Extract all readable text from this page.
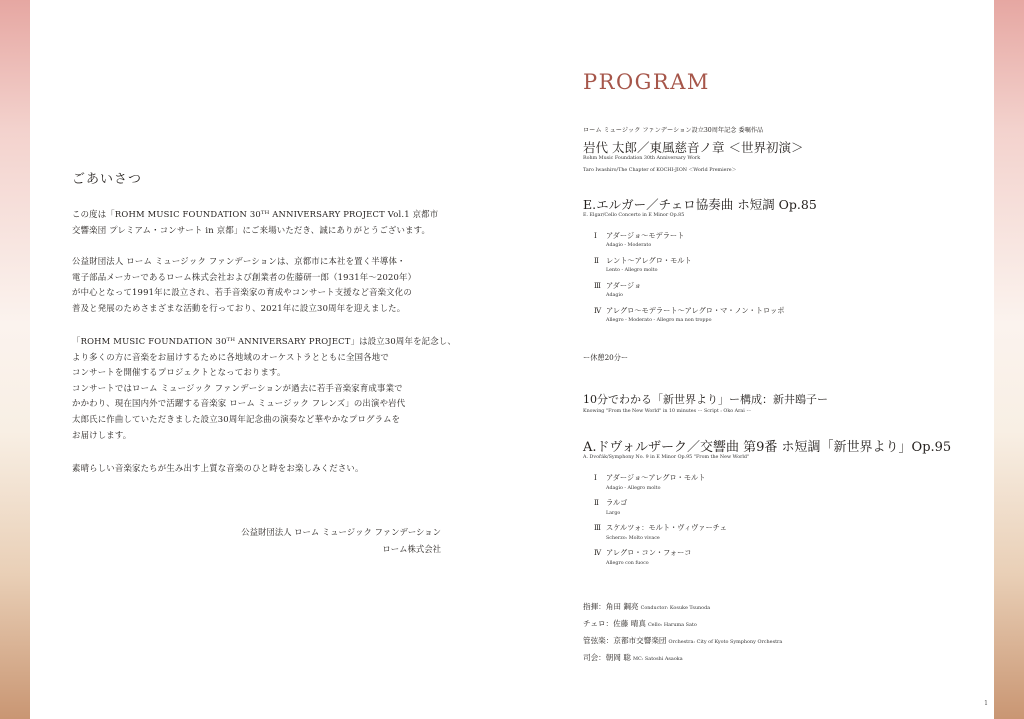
ごあいさつ
この度は「ROHM MUSIC FOUNDATION 30ᵀᴴ ANNIVERSARY PROJECT Vol.1 京都市
交響楽団 プレミアム・コンサート in 京都」にご来場いただき、誠にありがとうございます。
公益財団法人 ローム ミュージック ファンデーションは、京都市に本社を置く半導体・
電子部品メーカーであるローム株式会社および創業者の佐藤研一郎（1931年〜2020年）
が中心となって1991年に設立され、若手音楽家の育成やコンサート支援など音楽文化の
普及と発展のためさまざまな活動を行っており、2021年に設立30周年を迎えました。
「ROHM MUSIC FOUNDATION 30ᵀᴴ ANNIVERSARY PROJECT」は設立30周年を記念し、
より多くの方に音楽をお届けするために各地域のオーケストラとともに全国各地で
コンサートを開催するプロジェクトとなっております。
コンサートではローム ミュージック ファンデーションが過去に若手音楽家育成事業で
かかわり、現在国内外で活躍する音楽家 ローム ミュージック フレンズ」の出演や岩代
太郎氏に作曲していただきました設立30周年記念曲の演奏など華やかなプログラムを
お届けします。
素晴らしい音楽家たちが生み出す上質な音楽のひと時をお楽しみください。
公益財団法人 ローム ミュージック ファンデーション
ローム株式会社
PROGRAM
ローム ミュージック ファンデーション設立30周年記念 委嘱作品
岩代 太郎／東風慈音ノ章 ＜世界初演＞
Rohm Music Foundation 30th Anniversary Work
Taro Iwashiro/The Chapter of KOCHI-JION ＜World Premiere＞
E.エルガー／チェロ協奏曲 ホ短調 Op.85
E. Elgar/Cello Concerto in E Minor Op.85
Ⅰ アダージョ〜モデラート
Adagio - Moderato
Ⅱ レント〜アレグロ・モルト
Lento - Allegro molto
Ⅲ アダージョ
Adagio
Ⅳ アレグロ〜モデラート〜アレグロ・マ・ノン・トロッポ
Allegro - Moderato - Allegro ma non troppo
ー休憩20分ー
10分でわかる「新世界より」ー構成：新井鴎子ー
Knowing "From the New World" in 10 minutes ー Script : Oko Arai ー
A.ドヴォルザーク／交響曲 第9番 ホ短調「新世界より」Op.95
A. Dvořák/Symphony No. 9 in E Minor Op.95 "From the New World"
Ⅰ アダージョ〜アレグロ・モルト
Adagio - Allegro molto
Ⅱ ラルゴ
Largo
Ⅲ スケルツォ：モルト・ヴィヴァーチェ
Scherzo: Molto vivace
Ⅳ アレグロ・コン・フォーコ
Allegro con fuoco
指揮：角田 鋼亮 Conductor: Kosuke Tsunoda
チェロ：佐藤 晴真 Cello: Haruma Sato
管弦楽：京都市交響楽団 Orchestra: City of Kyoto Symphony Orchestra
司会：朝岡 聡 MC: Satoshi Asaoka
1
